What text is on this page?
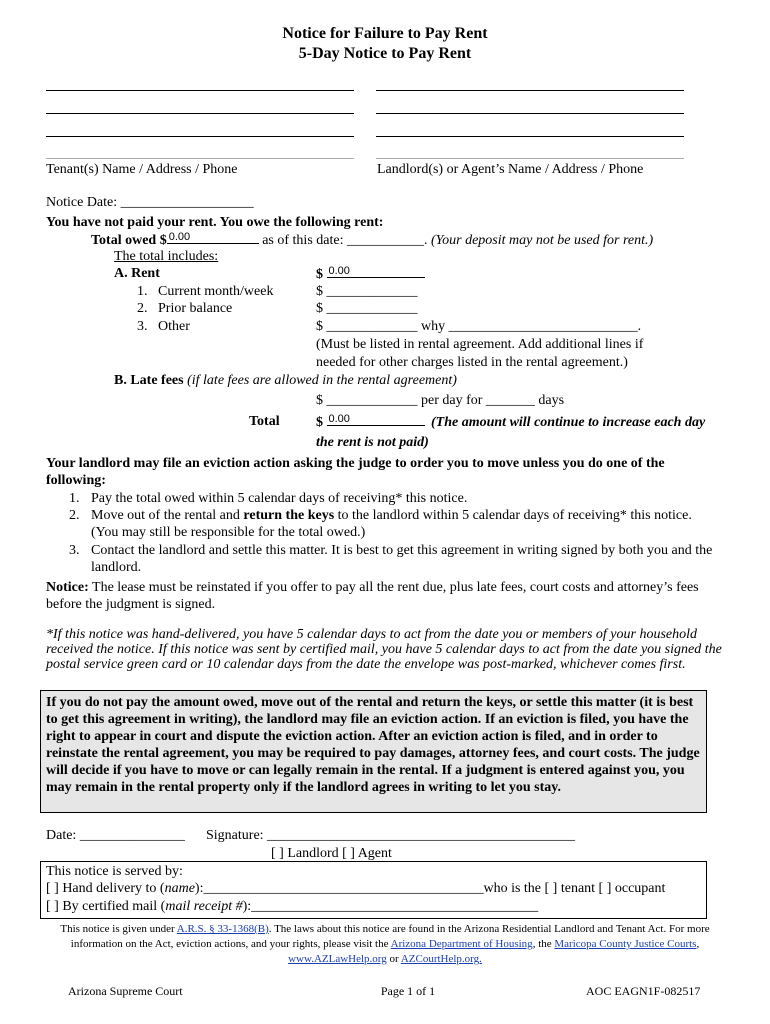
Notice for Failure to Pay Rent
5-Day Notice to Pay Rent
Tenant(s) Name / Address / Phone	Landlord(s) or Agent’s Name / Address / Phone
Notice Date: ___________________
You have not paid your rent. You owe the following rent:
Total owed $ 0.00	as of this date: ___________. (Your deposit may not be used for rent.)
The total includes:
A. Rent	$ 0.00
1. Current month/week	$ _____________
2. Prior balance	$ _____________
3. Other	$ _____________ why ___________________________.
(Must be listed in rental agreement. Add additional lines if needed for other charges listed in the rental agreement.)
B. Late fees (if late fees are allowed in the rental agreement)
$ _____________ per day for _______ days
Total	$ 0.00	(The amount will continue to increase each day the rent is not paid)
Your landlord may file an eviction action asking the judge to order you to move unless you do one of the following:
1. Pay the total owed within 5 calendar days of receiving* this notice.
2. Move out of the rental and return the keys to the landlord within 5 calendar days of receiving* this notice. (You may still be responsible for the total owed.)
3. Contact the landlord and settle this matter. It is best to get this agreement in writing signed by both you and the landlord.
Notice: The lease must be reinstated if you offer to pay all the rent due, plus late fees, court costs and attorney’s fees before the judgment is signed.
*If this notice was hand-delivered, you have 5 calendar days to act from the date you or members of your household received the notice. If this notice was sent by certified mail, you have 5 calendar days to act from the date you signed the postal service green card or 10 calendar days from the date the envelope was post-marked, whichever comes first.
If you do not pay the amount owed, move out of the rental and return the keys, or settle this matter (it is best to get this agreement in writing), the landlord may file an eviction action. If an eviction is filed, you have the right to appear in court and dispute the eviction action. After an eviction action is filed, and in order to reinstate the rental agreement, you may be required to pay damages, attorney fees, and court costs. The judge will decide if you have to move or can legally remain in the rental. If a judgment is entered against you, you may remain in the rental property only if the landlord agrees in writing to let you stay.
Date: _______________ Signature: ____________________________________________
[ ] Landlord [ ] Agent
This notice is served by:
[ ] Hand delivery to (name):________________________________________who is the [ ] tenant [ ] occupant
[ ] By certified mail (mail receipt #):_________________________________________
This notice is given under A.R.S. § 33-1368(B). The laws about this notice are found in the Arizona Residential Landlord and Tenant Act. For more information on the Act, eviction actions, and your rights, please visit the Arizona Department of Housing, the Maricopa County Justice Courts, www.AZLawHelp.org or AZCourtHelp.org.
Arizona Supreme Court	Page 1 of 1	AOC EAGN1F-082517
